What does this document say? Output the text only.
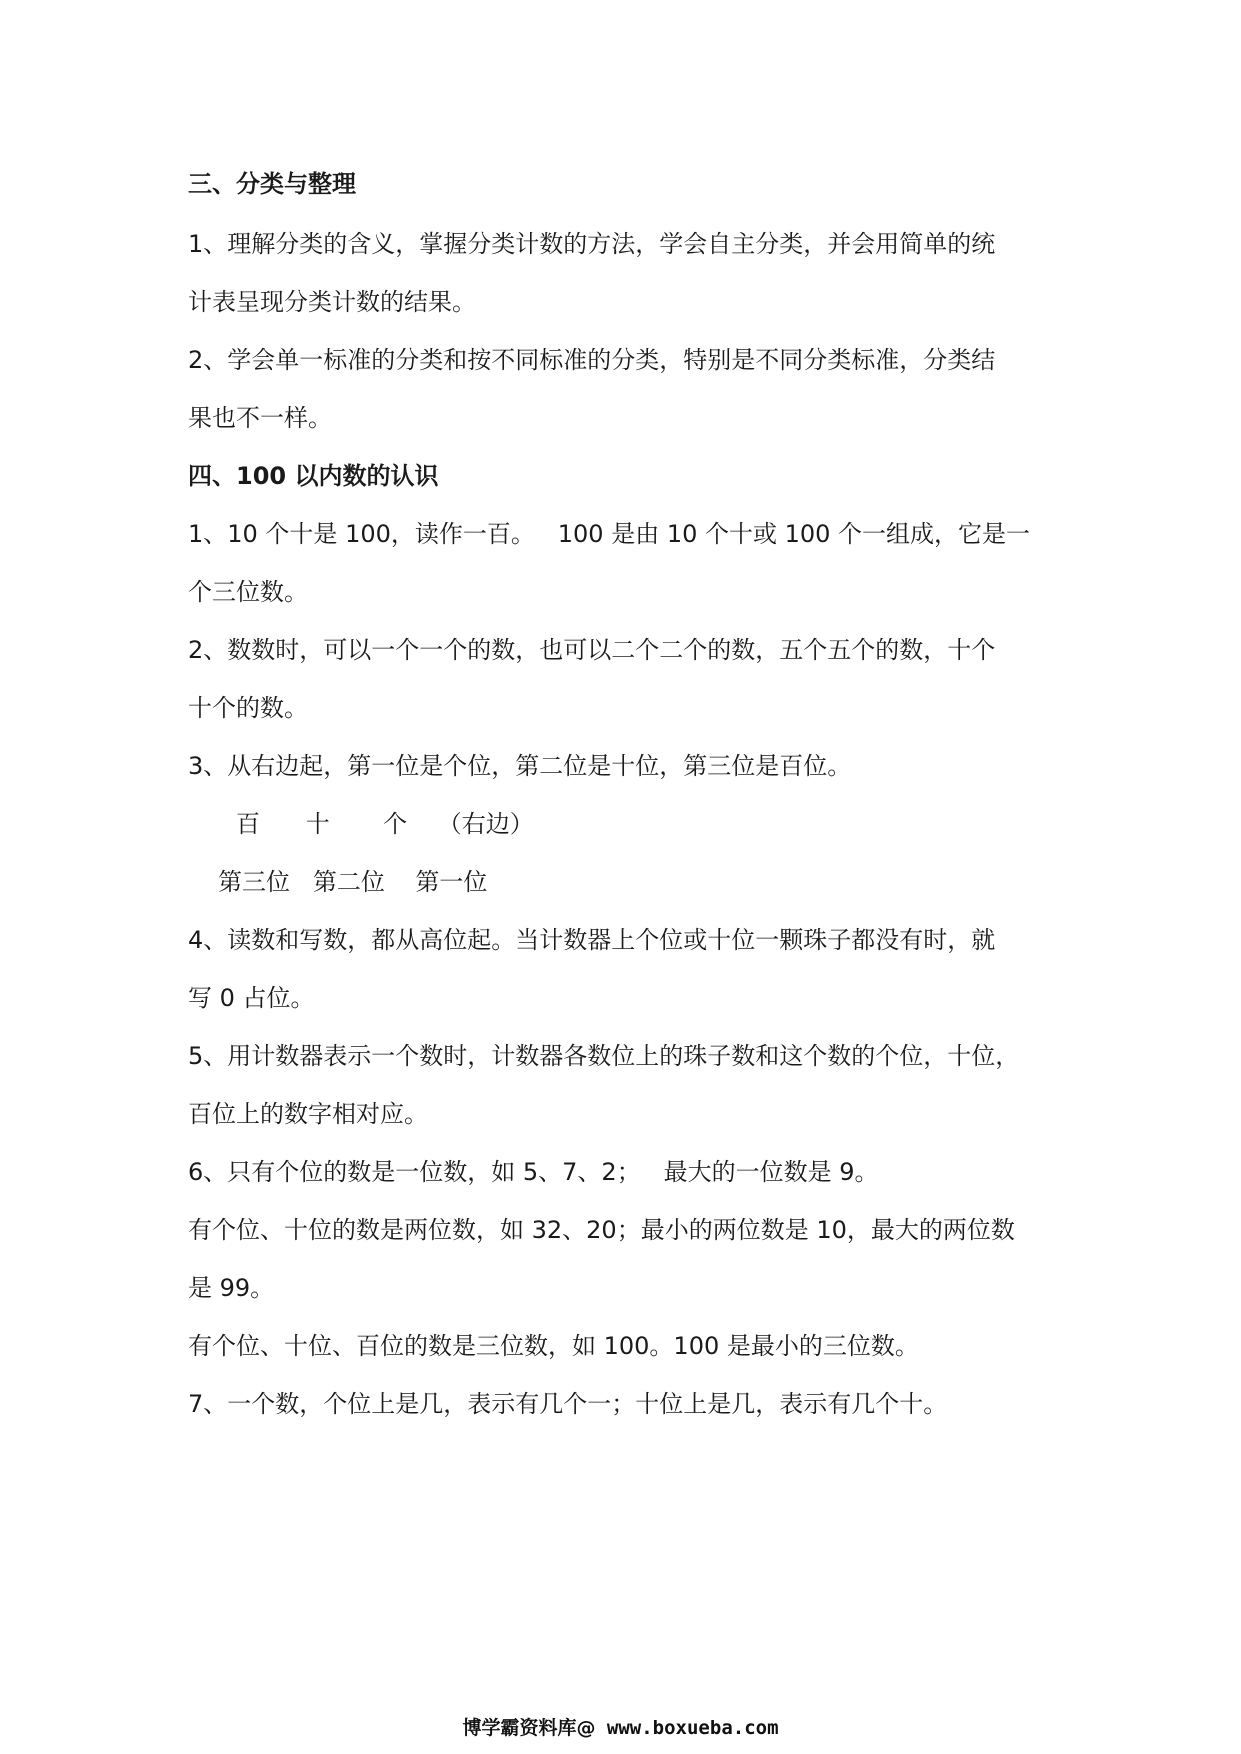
三、分类与整理
1、理解分类的含义，掌握分类计数的方法，学会自主分类，并会用简单的统
计表呈现分类计数的结果。
2、学会单一标准的分类和按不同标准的分类，特别是不同分类标准，分类结
果也不一样。
四、100 以内数的认识
1、10 个十是 100，读作一百。   100 是由 10 个十或 100 个一组成，它是一
个三位数。
2、数数时，可以一个一个的数，也可以二个二个的数，五个五个的数，十个
十个的数。
3、从右边起，第一位是个位，第二位是十位，第三位是百位。
百      十       个    （右边）
第三位   第二位    第一位
4、读数和写数，都从高位起。当计数器上个位或十位一颗珠子都没有时，就
写 0 占位。
5、用计数器表示一个数时，计数器各数位上的珠子数和这个数的个位，十位，
百位上的数字相对应。
6、只有个位的数是一位数，如 5、7、2；   最大的一位数是 9。
有个位、十位的数是两位数，如 32、20；最小的两位数是 10，最大的两位数
是 99。
有个位、十位、百位的数是三位数，如 100。100 是最小的三位数。
7、一个数，个位上是几，表示有几个一；十位上是几，表示有几个十。
博学霸资料库@ www.boxueba.com
